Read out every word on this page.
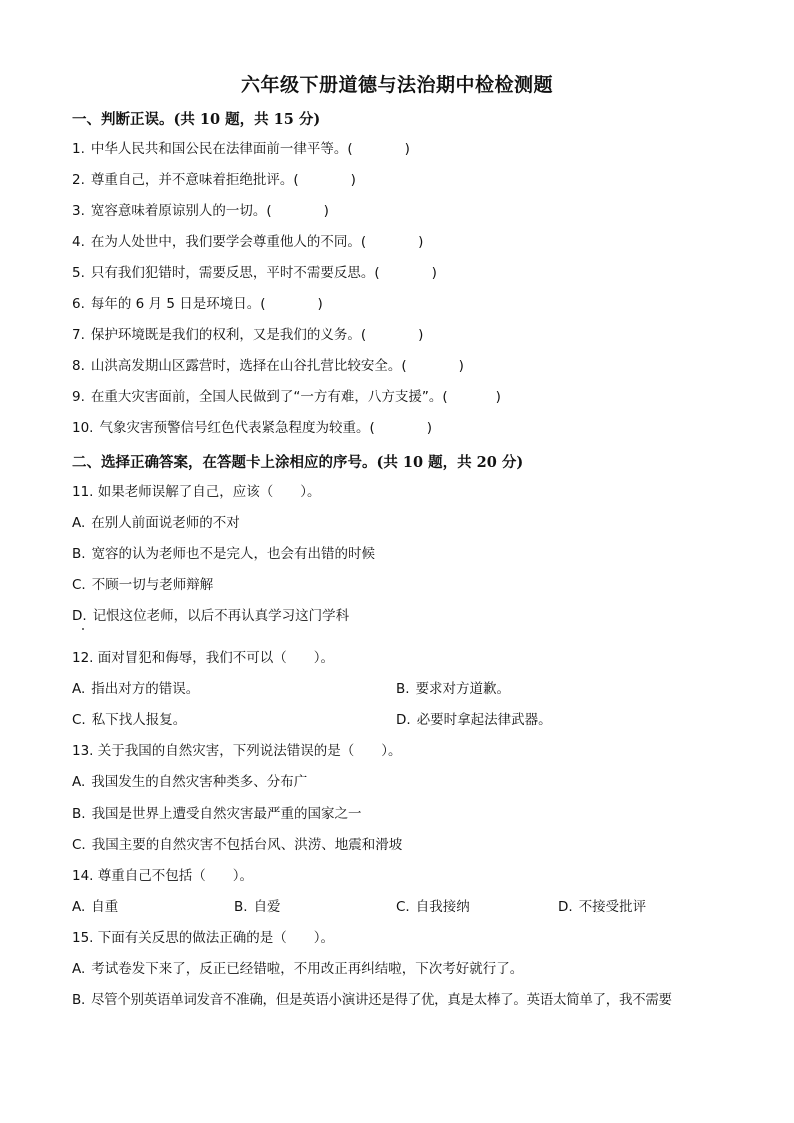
六年级下册道德与法治期中检检测题
一、判断正误。(共 10 题，共 15 分)
1. 中华人民共和国公民在法律面前一律平等。(	)
2. 尊重自己，并不意味着拒绝批评。(	)
3. 宽容意味着原谅别人的一切。(	)
4. 在为人处世中，我们要学会尊重他人的不同。(	)
5. 只有我们犯错时，需要反思，平时不需要反思。(	)
6. 每年的 6 月 5 日是环境日。(	)
7. 保护环境既是我们的权利，又是我们的义务。(	)
8. 山洪高发期山区露营时，选择在山谷扎营比较安全。(	)
9. 在重大灾害面前，全国人民做到了“一方有难，八方支援”。(	)
10. 气象灾害预警信号红色代表紧急程度为较重。(	)
二、选择正确答案，在答题卡上涂相应的序号。(共 10 题，共 20 分)
11. 如果老师误解了自己，应该（　　）。
A. 在别人前面说老师的不对
B. 宽容的认为老师也不是完人，也会有出错的时候
C. 不顾一切与老师辩解
D. 记恨这位老师，以后不再认真学习这门学科
12. 面对冒犯和侮辱，我们不可以（　　）。
A. 指出对方的错误。	B. 要求对方道歉。
C. 私下找人报复。	D. 必要时拿起法律武器。
13. 关于我国的自然灾害，下列说法错误的是（　　）。
A. 我国发生的自然灾害种类多、分布广
B. 我国是世界上遭受自然灾害最严重的国家之一
C. 我国主要的自然灾害不包括台风、洪涝、地震和滑坡
14. 尊重自己不包括（　　）。
A. 自重	B. 自爱	C. 自我接纳	D. 不接受批评
15. 下面有关反思的做法正确的是（　　）。
A. 考试卷发下来了，反正已经错啦，不用改正再纠结啦，下次考好就行了。
B. 尽管个别英语单词发音不准确，但是英语小演讲还是得了优，真是太棒了。英语太简单了，我不需要
